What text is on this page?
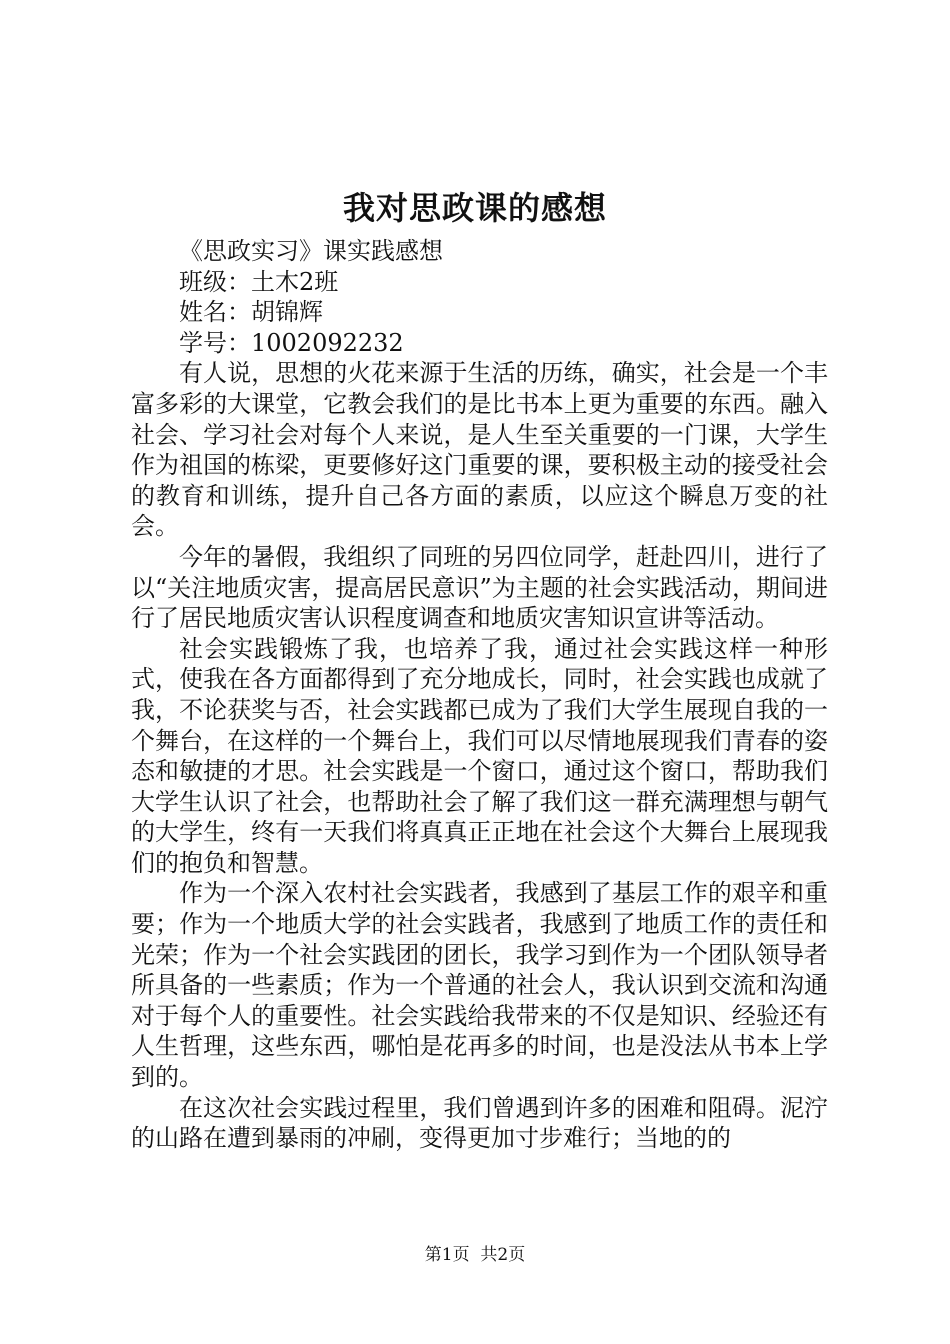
我对思政课的感想

《思政实习》课实践感想

班级：土木2班

姓名：胡锦辉

学号：1002092232

有人说，思想的火花来源于生活的历练，确实，社会是一个丰富多彩的大课堂，它教会我们的是比书本上更为重要的东西。融入社会、学习社会对每个人来说，是人生至关重要的一门课，大学生作为祖国的栋梁，更要修好这门重要的课，要积极主动的接受社会的教育和训练，提升自己各方面的素质，以应这个瞬息万变的社会。

今年的暑假，我组织了同班的另四位同学，赶赴四川，进行了以“关注地质灾害，提高居民意识”为主题的社会实践活动，期间进行了居民地质灾害认识程度调查和地质灾害知识宣讲等活动。

社会实践锻炼了我，也培养了我，通过社会实践这样一种形式，使我在各方面都得到了充分地成长，同时，社会实践也成就了我，不论获奖与否，社会实践都已成为了我们大学生展现自我的一个舞台，在这样的一个舞台上，我们可以尽情地展现我们青春的姿态和敏捷的才思。社会实践是一个窗口，通过这个窗口，帮助我们大学生认识了社会，也帮助社会了解了我们这一群充满理想与朝气的大学生，终有一天我们将真真正正地在社会这个大舞台上展现我们的抱负和智慧。

作为一个深入农村社会实践者，我感到了基层工作的艰辛和重要；作为一个地质大学的社会实践者，我感到了地质工作的责任和光荣；作为一个社会实践团的团长，我学习到作为一个团队领导者所具备的一些素质；作为一个普通的社会人，我认识到交流和沟通对于每个人的重要性。社会实践给我带来的不仅是知识、经验还有人生哲理，这些东西，哪怕是花再多的时间，也是没法从书本上学到的。

在这次社会实践过程里，我们曾遇到许多的困难和阻碍。泥泞的山路在遭到暴雨的冲刷，变得更加寸步难行；当地的的

第1页  共2页
